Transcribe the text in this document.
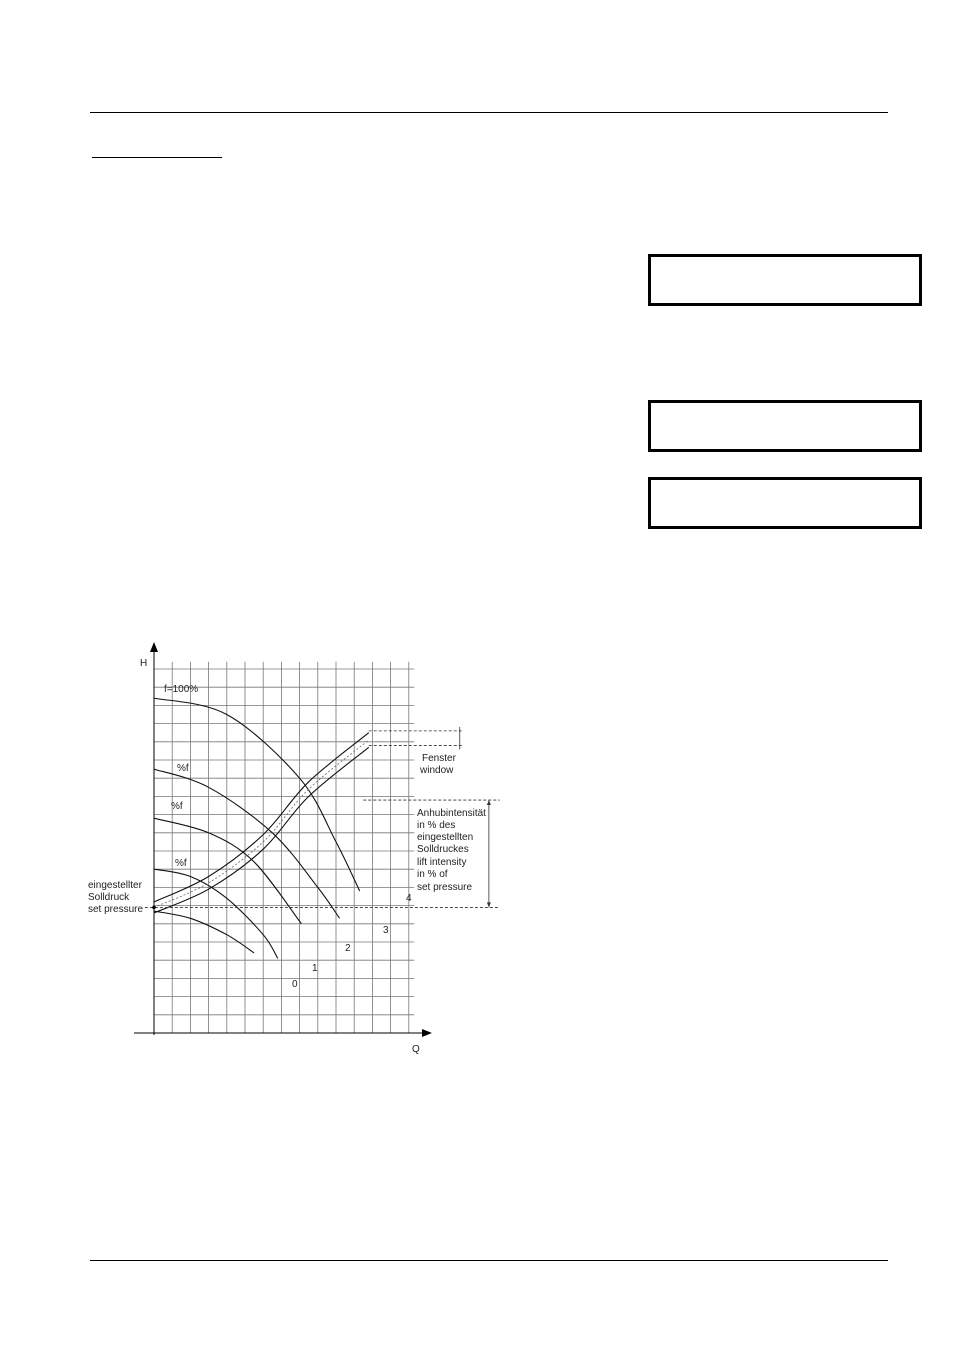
H
Q
f=100%
%f
%f
%f
0
1
2
3
4
eingestellter
Solldruck
set pressure
Fenster
window
Anhubintensität
in % des
eingestellten
Solldruckes
lift intensity
in % of
set pressure
